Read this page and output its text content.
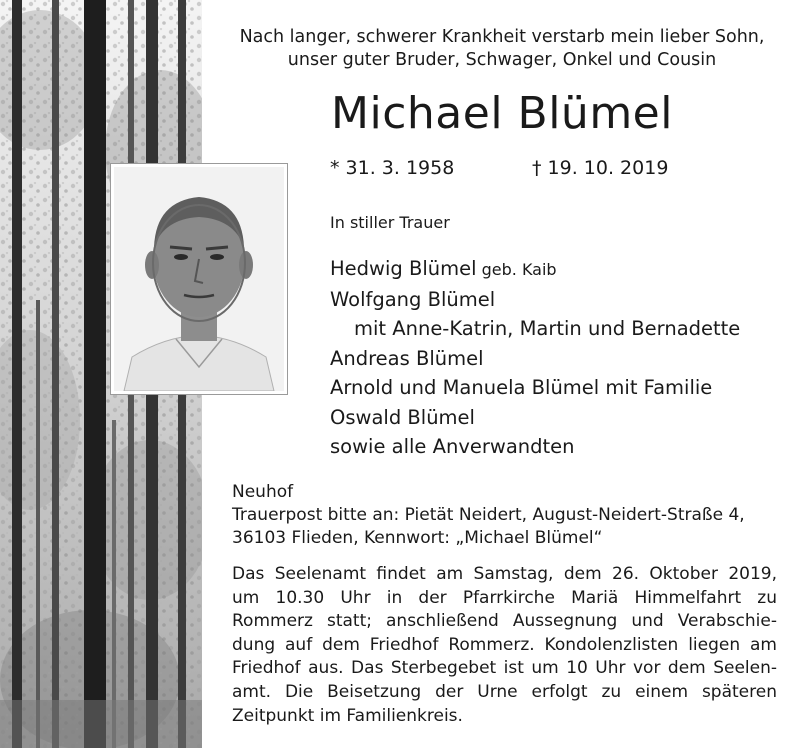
Nach langer, schwerer Krankheit verstarb mein lieber Sohn,
unser guter Bruder, Schwager, Onkel und Cousin
Michael Blümel
* 31. 3. 1958	† 19. 10. 2019
In stiller Trauer
Hedwig Blümel geb. Kaib
Wolfgang Blümel
mit Anne-Katrin, Martin und Bernadette
Andreas Blümel
Arnold und Manuela Blümel mit Familie
Oswald Blümel
sowie alle Anverwandten
Neuhof
Trauerpost bitte an: Pietät Neidert, August-Neidert-Straße 4,
36103 Flieden, Kennwort: „Michael Blümel“
Das Seelenamt findet am Samstag, dem 26. Oktober 2019,
um 10.30 Uhr in der Pfarrkirche Mariä Himmelfahrt zu
Rommerz statt; anschließend Aussegnung und Verabschie-
dung auf dem Friedhof Rommerz. Kondolenzlisten liegen am
Friedhof aus. Das Sterbegebet ist um 10 Uhr vor dem Seelen-
amt. Die Beisetzung der Urne erfolgt zu einem späteren
Zeitpunkt im Familienkreis.
